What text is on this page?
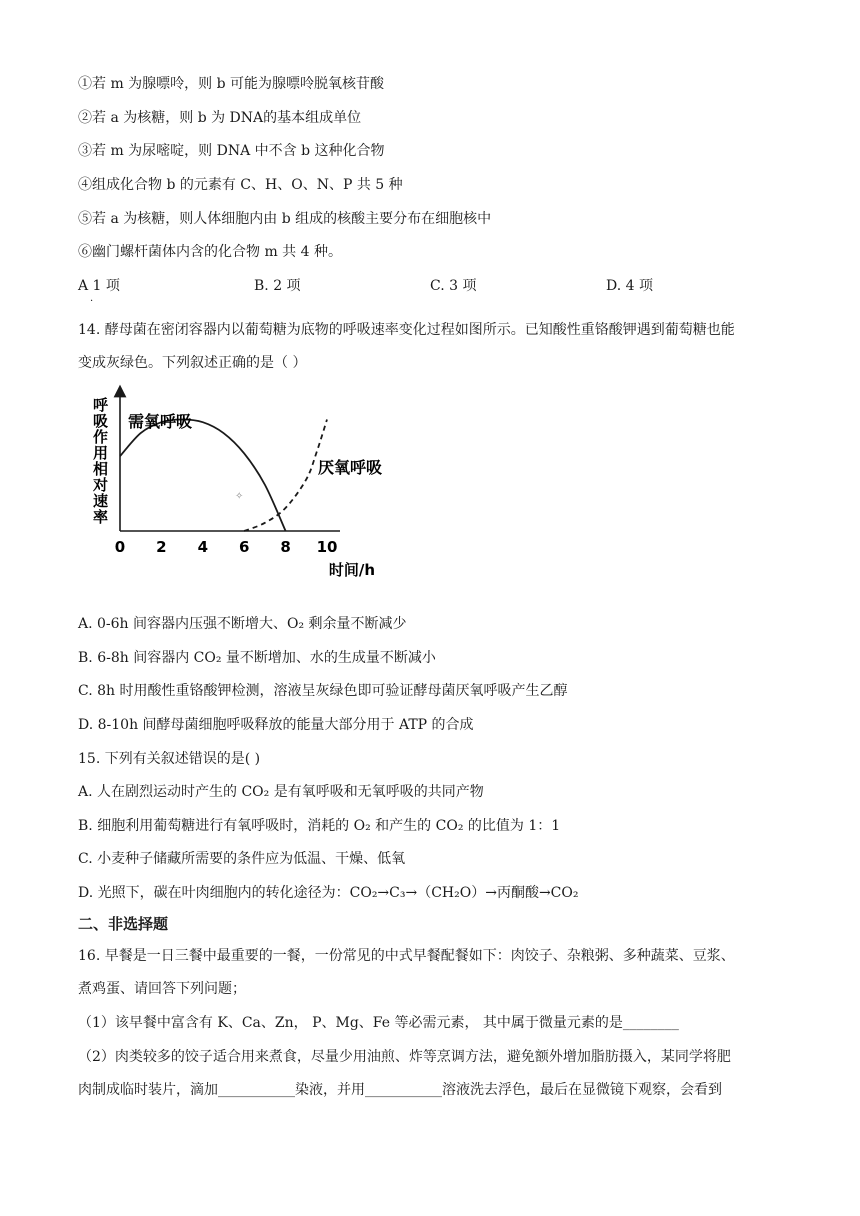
①若 m 为腺嘌呤，则 b 可能为腺嘌呤脱氧核苷酸
②若 a 为核糖，则 b 为 DNA的基本组成单位
③若 m 为尿嘧啶，则 DNA 中不含 b 这种化合物
④组成化合物 b 的元素有 C、H、O、N、P 共 5 种
⑤若 a 为核糖，则人体细胞内由 b 组成的核酸主要分布在细胞核中
⑥幽门螺杆菌体内含的化合物 m 共 4 种。
A 1 项
·
B. 2 项	C. 3 项	D. 4 项
14. 酵母菌在密闭容器内以葡萄糖为底物的呼吸速率变化过程如图所示。已知酸性重铬酸钾遇到葡萄糖也能
变成灰绿色。下列叙述正确的是（ ）
呼吸作用相对速率
0 2 4 6 8 10
时间/h
需氧呼吸
厌氧呼吸
✧
A. 0-6h 间容器内压强不断增大、O₂ 剩余量不断减少
B. 6-8h 间容器内 CO₂ 量不断增加、水的生成量不断减小
C. 8h 时用酸性重铬酸钾检测，溶液呈灰绿色即可验证酵母菌厌氧呼吸产生乙醇
D. 8-10h 间酵母菌细胞呼吸释放的能量大部分用于 ATP 的合成
15. 下列有关叙述错误的是( )
A. 人在剧烈运动时产生的 CO₂ 是有氧呼吸和无氧呼吸的共同产物
B. 细胞利用葡萄糖进行有氧呼吸时，消耗的 O₂ 和产生的 CO₂ 的比值为 1：1
C. 小麦种子储藏所需要的条件应为低温、干燥、低氧
D. 光照下，碳在叶肉细胞内的转化途径为：CO₂→C₃→（CH₂O）→丙酮酸→CO₂
二、非选择题
16. 早餐是一日三餐中最重要的一餐，一份常见的中式早餐配餐如下：肉饺子、杂粮粥、多种蔬菜、豆浆、
煮鸡蛋、请回答下列问题；
（1）该早餐中富含有 K、Ca、Zn， P、Mg、Fe 等必需元素， 其中属于微量元素的是________
（2）肉类较多的饺子适合用来煮食，尽量少用油煎、炸等烹调方法，避免额外增加脂肪摄入，某同学将肥
肉制成临时装片，滴加___________染液，并用___________溶液洗去浮色，最后在显微镜下观察，会看到
